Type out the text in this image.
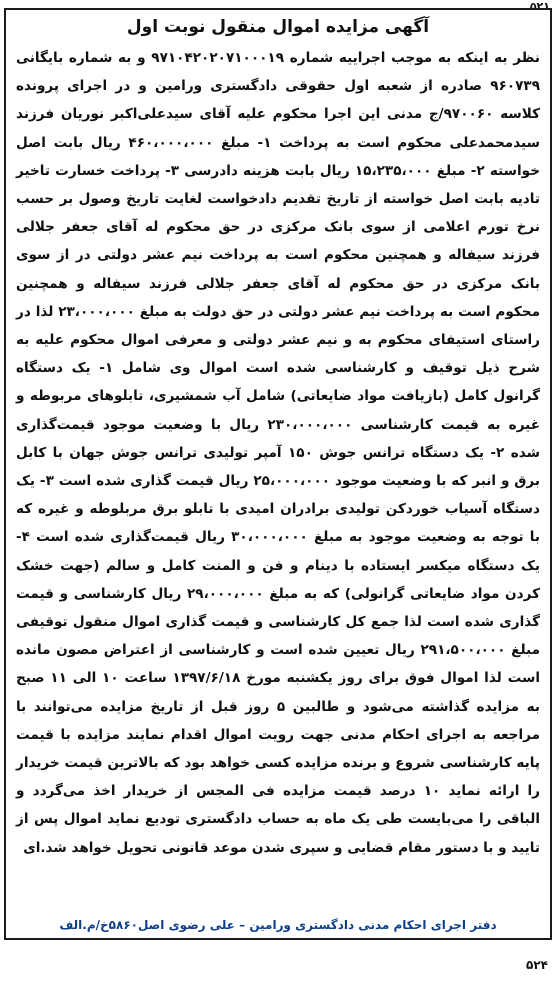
۵۲۱
آگهی مزایده اموال منقول نوبت اول

نظر به اینکه به موجب اجراییه شماره ۹۷۱۰۴۲۰۲۰۷۱۰۰۰۱۹ و به شماره بایگانی ۹۶۰۷۳۹ صادره از شعبه اول حقوقی دادگستری ورامین و در اجرای پرونده کلاسه ۹۷۰۰۶۰/ج مدنی این اجرا محکوم علیه آقای سیدعلی‌اکبر نوریان فرزند سیدمحمدعلی محکوم است به پرداخت ۱- مبلغ ۴۶۰،۰۰۰،۰۰۰ ریال بابت اصل خواسته ۲- مبلغ ۱۵،۲۳۵،۰۰۰ ریال بابت هزینه دادرسی ۳- پرداخت خسارت تاخیر تادیه بابت اصل خواسته از تاریخ تقدیم دادخواست لغایت تاریخ وصول بر حسب نرخ تورم اعلامی از سوی بانک مرکزی در حق محکوم له آقای جعفر جلالی فرزند سیفاله و همچنین محکوم است به پرداخت نیم عشر دولتی در از سوی بانک مرکزی در حق محکوم له آقای جعفر جلالی فرزند سیفاله و همچنین محکوم است به پرداخت نیم عشر دولتی در حق دولت به مبلغ ۲۳،۰۰۰،۰۰۰ لذا در راستای استیفای محکوم به و نیم عشر دولتی و معرفی اموال محکوم علیه به شرح ذیل توقیف و کارشناسی شده است اموال وی شامل ۱- یک دستگاه گرانول کامل (بازیافت مواد ضایعاتی) شامل آب شمشیری، تابلوهای مربوطه و غیره به قیمت کارشناسی ۲۳۰،۰۰۰،۰۰۰ ریال با وضعیت موجود قیمت‌گذاری شده ۲- یک دستگاه ترانس جوش ۱۵۰ آمپر تولیدی ترانس جوش جهان با کابل برق و انبر که با وضعیت موجود ۲۵،۰۰۰،۰۰۰ ریال قیمت گذاری شده است ۳- یک دستگاه آسیاب خوردکن تولیدی برادران امیدی با تابلو برق مربلوطه و غیره که با توجه به وضعیت موجود به مبلغ ۳۰،۰۰۰،۰۰۰ ریال قیمت‌گذاری شده است ۴- یک دستگاه میکسر ایستاده با دینام و فن و المنت کامل و سالم (جهت خشک کردن مواد ضایعاتی گرانولی) که به مبلغ ۲۹،۰۰۰،۰۰۰ ریال کارشناسی و قیمت گذاری شده است لذا جمع کل کارشناسی و قیمت گذاری اموال منقول توقیفی مبلغ ۲۹۱،۵۰۰،۰۰۰ ریال تعیین شده است و کارشناسی از اعتراض مصون مانده است لذا اموال فوق برای روز یکشنبه مورخ ۱۳۹۷/۶/۱۸ ساعت ۱۰ الی ۱۱ صبح به مزایده گذاشته می‌شود و طالبین ۵ روز قبل از تاریخ مزایده می‌توانند با مراجعه به اجرای احکام مدنی جهت رویت اموال اقدام نمایند مزایده با قیمت پایه کارشناسی شروع و برنده مزایده کسی خواهد بود که بالاترین قیمت خریدار را ارائه نماید ۱۰ درصد قیمت مزایده فی المجس از خریدار اخذ می‌گردد و الباقی را می‌بایست طی یک ماه به حساب دادگستری تودیع نماید اموال پس از تایید و با دستور مقام قضایی و سپری شدن موعد قانونی تحویل خواهد شد.ای

دفتر اجرای احکام مدنی دادگستری ورامین – علی رضوی اصل۵۸۶۰خ/م.الف
۵۲۴
